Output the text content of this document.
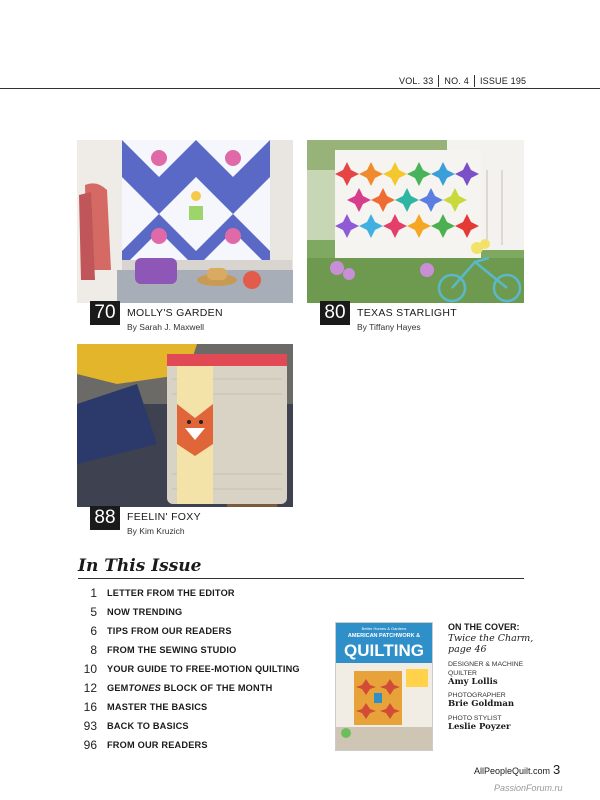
VOL. 33 NO. 4 ISSUE 195
70	MOLLY'S GARDEN
By Sarah J. Maxwell
80	TEXAS STARLIGHT
By Tiffany Hayes
88	FEELIN' FOXY
By Kim Kruzich
In This Issue
1 LETTER FROM THE EDITOR
5 NOW TRENDING
6 TIPS FROM OUR READERS
8 FROM THE SEWING STUDIO
10 YOUR GUIDE TO FREE-MOTION QUILTING
12 GEMTONES BLOCK OF THE MONTH
16 MASTER THE BASICS
93 BACK TO BASICS
96 FROM OUR READERS
Better Homes & Gardens
AMERICAN PATCHWORK &
QUILTING
ON THE COVER:
Twice the Charm, page 46
DESIGNER & MACHINE QUILTER
Amy Lollis
PHOTOGRAPHER
Brie Goldman
PHOTO STYLIST
Leslie Poyzer
AllPeopleQuilt.com 3
PassionForum.ru
